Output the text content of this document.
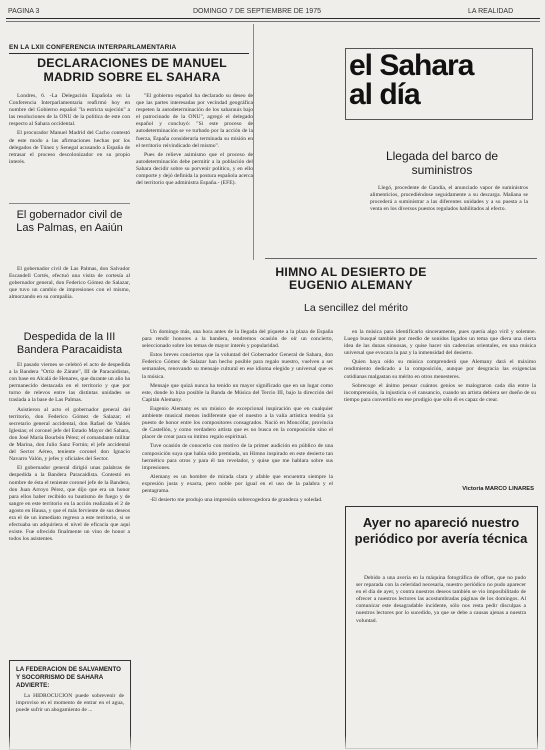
PAGINA 3	DOMINGO 7 DE SEPTIEMBRE DE 1975	LA REALIDAD
EN LA LXII CONFERENCIA INTERPARLAMENTARIA
DECLARACIONES DE MANUEL MADRID SOBRE EL SAHARA

Londres, 6. -La Delegación Española en la Conferencia Interparlamentaria reafirmó hoy en nombre del Gobierno español "la estricta sujeción" a las resoluciones de la ONU de la política de este con respecto al Sahara occidental.

El procurador Manuel Madrid del Cacho contestó de este modo a las afirmaciones hechas por los delegados de Túnez y Senegal acusando a España de retrasar el proceso descolonizador en su propio interés.

"El gobierno español ha declarado su deseo de que las partes interesadas por vecindad geográfica respeten la autodeterminación de los saharauis bajo el patrocinado de la ONU", agregó el delegado español y concluyó: "Si este proceso de autodeterminación se ve turbado por la acción de la fuerza, España consideraría terminada su misión en el territorio reivindicado del mismo".

Pues de relieve asimismo que el proceso de autodeterminación debe permitir a la población del Sahara decidir sobre su porvenir político, y en ello comporte y dejó definida la postura española acerca del territorio que administra España.- (EFE).

El gobernador civil de Las Palmas, en Aaiún

El gobernador civil de Las Palmas, don Salvador Escandell Cortés, efectuó una visita de cortesía al gobernador general, don Federico Gómez de Salazar, que tuvo un cambio de impresiones con el mismo, almorzando en su compañía.

Despedida de la III Bandera Paracaidista

El pasado viernes se celebró el acto de despedida a la Bandera "Ortiz de Zárate", III de Paracaidistas, con base en Alcalá de Henares, que durante un año ha permanecido destacada en el territorio y que por turno de relevos entre las distintas unidades se traslada a la base de Las Palmas.

Asistieron al acto el gobernador general del territorio, don Federico Gómez de Salazar; el secretario general accidental, don Rafael de Valdés Iglesias; el coronel jefe del Estado Mayor del Sahara, don José María Bourbón Pérez; el comandante militar de Marina, don Julio Sanz Fortún; el jefe accidental del Sector Aéreo, teniente coronel don Ignacio Navarro Valón, y jefes y oficiales del Sector.

El gobernador general dirigió unas palabras de despedida a la Bandera Paracaidista. Contestó en nombre de ésta el teniente coronel jefe de la Bandera, don Juan Arroyo Pérez, que dijo que era un honor para ellos haber recibido su bautismo de fuego y de sangre en este territorio en la acción realizada el 2 de agosto en Hausa, y que el más ferviente de sus deseos era el de un inmediato regreso a este territorio, si se efectuaba un adquiriera el nivel de eficacia que aquí existe. Fue ofrecido finalmente un vino de honor a todos los asistentes.

LA FEDERACION DE SALVAMENTO Y SOCORRISMO DE SAHARA
ADVIERTE:

La HIDROCUCION puede sobrevenir de improviso en el momento de entrar en el agua, puede sufrir un ahogamiento de ...

el Sahara
al día
Llegada del barco de suministros

Llegó, procedente de Gandía, el anunciado vapor de suministros alimenticios, procediéndose seguidamente a su descarga. Mañana se procederá a suministrar a las diferentes unidades y a su puesta a la venta en los diversos puestos regulados habilitados al efecto.

HIMNO AL DESIERTO DE EUGENIO ALEMANY
La sencillez del mérito

Un domingo más, una hora antes de la llegada del piquete a la plaza de España para rendir honores a la bandera, tendremos ocasión de oír un concierto, seleccionado sobre los temas de mayor interés y popularidad.

Estos breves conciertos que la voluntad del Gobernador General de Sahara, don Federico Gómez de Salazar han hecho posible para regalo nuestro, vuelven a ser semanales, renovando su mensaje cultural en ese idioma elegido y universal que es la música.

Mensaje que quizá nunca ha tenido un mayor significado que en un lugar como este, donde lo hizo posible la Banda de Música del Tercio III, bajo la dirección del Capitán Alemany.

Eugenio Alemany es un músico de excepcional inspiración que en cualquier ambiente musical menos indiferente que el nuestro a la valía artística tendría ya puesto de honor entre los compositores consagrados. Nació en Moncófar, provincia de Castellón, y como verdadero artista que es no busca en la composición sino el placer de crear para su íntimo regalo espiritual.

Tuve ocasión de conocerlo con motivo de la primer audición en público de una composición suya que había sido premiada, un Himno inspirado en este desierto tan hermético para otros y para él tan revelador, y quise que me hablara sobre sus impresiones.

Alemany es un hombre de mirada clara y afable que encuentra siempre la expresión justa y exacta, pero noble por igual en el uso de la palabra y el pentagrama.

-El desierto me produjo una impresión sobrecogedora de grandeza y soledad.

en la música para identificarlo sinceramente, pues quería algo viril y solemne. Luego busqué también por medio de sonidos ligados un tema que diera una cierta idea de las dunas sinuosas, y quise hacer sin cadencias orientales, en una música universal que evocara la paz y la inmensidad del desierto.

Quien haya oído su música comprenderá que Alemany dará el máximo rendimiento dedicado a la composición, aunque por desgracia las exigencias cotidianas malgastan su mérito en otros menesteres.

Sobrecoge el ánimo pensar cuántos genios se malograron cada día entre la incomprensión, la injusticia o el cansancio, cuando un artista debiera ser dueño de su tiempo para convertirlo en ese prodigio que sólo él es capaz de crear.

Victoria MARCO LINARES
Ayer no apareció nuestro periódico por avería técnica

Debido a una avería en la máquina fotográfica de offset, que no pudo ser reparada con la celeridad necesaria, nuestro periódico no pudo aparecer en el día de ayer, y contra nuestros deseos también se vio imposibilitado de ofrecer a nuestros lectores las acostumbradas páginas de los domingos. Al comunicar este desagradable incidente, sólo nos resta pedir disculpas a nuestros lectores por lo sucedido, ya que se debe a causas ajenas a nuestra voluntad.
